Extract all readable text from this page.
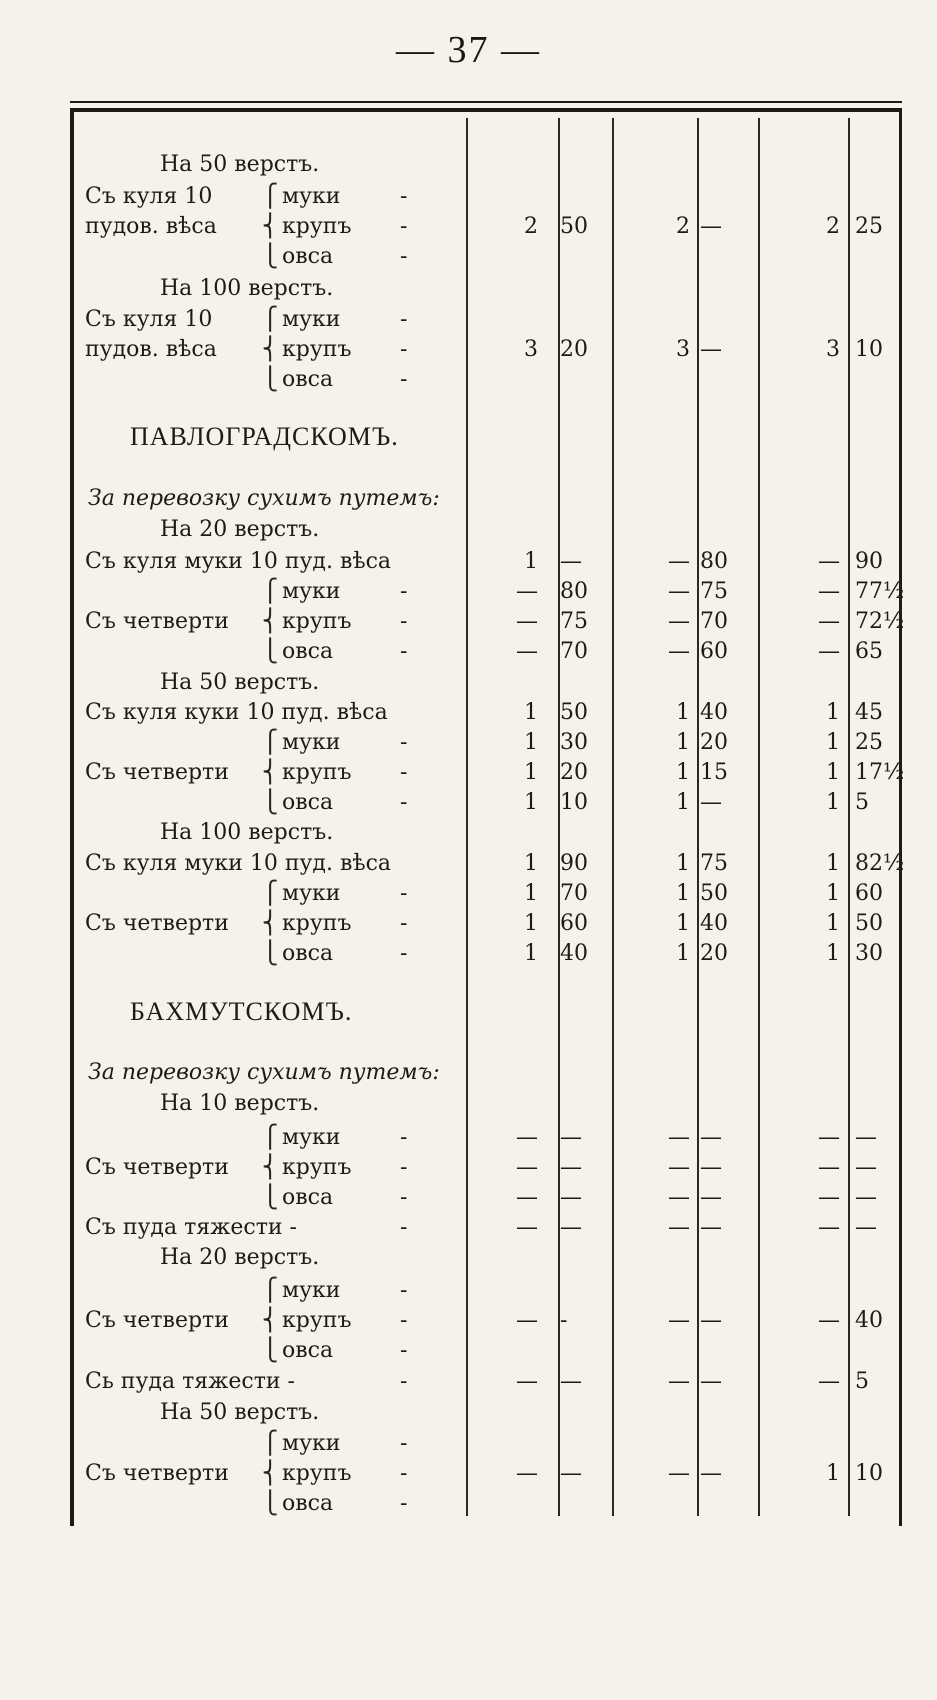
— 37 —
На 50 верстъ.
Съ куля 10	⎧ муки	-
пудов. вѣса	⎨ крупъ	-	2 50	2 —	2 25
⎩ овса	-
На 100 верстъ.
Съ куля 10	⎧ муки	-
пудов. вѣса	⎨ крупъ	-	3 20	3 —	3 10
⎩ овса	-
ПАВЛОГРАДСКОМЪ.
За перевозку сухимъ путемъ:
На 20 верстъ.
Съ куля муки 10 пуд. вѣса	1 —	— 80	— 90
⎧ муки	-	— 80	— 75	— 77½
Съ четверти	⎨ крупъ	-	— 75	— 70	— 72½
⎩ овса	-	— 70	— 60	— 65
На 50 верстъ.
Съ куля куки 10 пуд. вѣса	1 50	1 40	1 45
⎧ муки	-	1 30	1 20	1 25
Съ четверти	⎨ крупъ	-	1 20	1 15	1 17½
⎩ овса	-	1 10	1 —	1 5
На 100 верстъ.
Съ куля муки 10 пуд. вѣса	1 90	1 75	1 82½
⎧ муки	-	1 70	1 50	1 60
Съ четверти	⎨ крупъ	-	1 60	1 40	1 50
⎩ овса	-	1 40	1 20	1 30
БАХМУТСКОМЪ.
За перевозку сухимъ путемъ:
На 10 верстъ.
⎧ муки	-	— —	— —	— —
Съ четверти	⎨ крупъ	-	— —	— —	— —
⎩ овса	-	— —	— —	— —
Съ пуда тяжести -	-	— —	— —	— —
На 20 верстъ.
⎧ муки	-
Съ четверти	⎨ крупъ	-	— -	— —	— 40
⎩ овса	-
Сь пуда тяжести -	-	— —	— —	— 5
На 50 верстъ.
⎧ муки	-
Съ четверти	⎨ крупъ	-	— —	— —	1 10
⎩ овса	-
